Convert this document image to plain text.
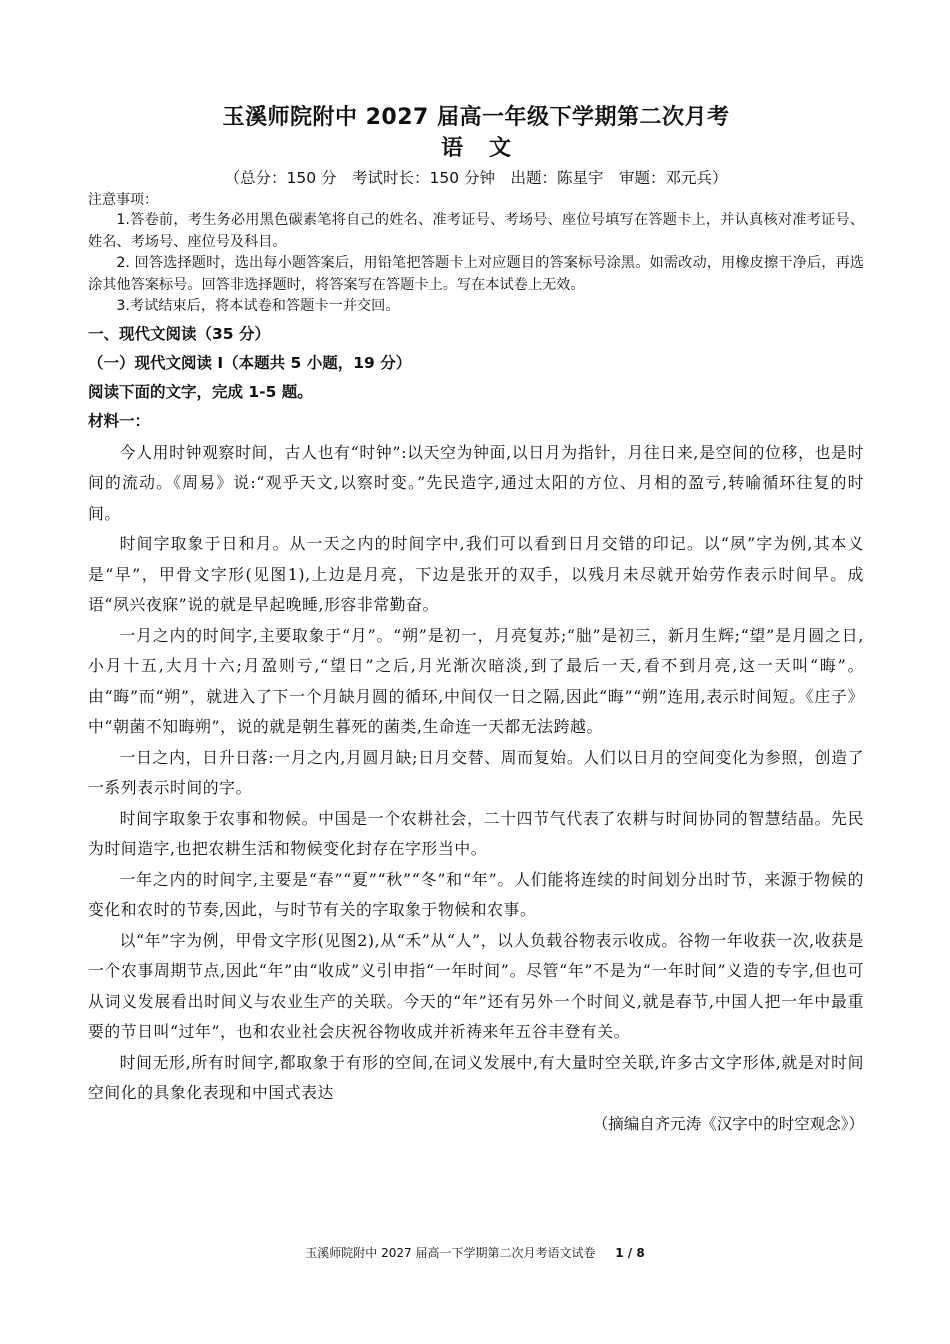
玉溪师院附中 2027 届高一年级下学期第二次月考
语文

（总分：150 分　考试时长：150 分钟　出题：陈星宇　审题：邓元兵）

注意事项：

1.答卷前，考生务必用黑色碳素笔将自己的姓名、准考证号、考场号、座位号填写在答题卡上，并认真核对准考证号、姓名、考场号、座位号及科目。

2. 回答选择题时，选出每小题答案后，用铅笔把答题卡上对应题目的答案标号涂黑。如需改动，用橡皮擦干净后，再选涂其他答案标号。回答非选择题时，将答案写在答题卡上。写在本试卷上无效。

3.考试结束后，将本试卷和答题卡一并交回。

一、现代文阅读（35 分）

（一）现代文阅读 I（本题共 5 小题，19 分）

阅读下面的文字，完成 1-5 题。

材料一：

今人用时钟观察时间，古人也有“时钟”:以天空为钟面,以日月为指针，月往日来,是空间的位移，也是时间的流动。《周易》说:“观乎天文,以察时变。”先民造字,通过太阳的方位、月相的盈亏,转喻循环往复的时间。

时间字取象于日和月。从一天之内的时间字中,我们可以看到日月交错的印记。以“夙”字为例,其本义是“早”，甲骨文字形(见图1),上边是月亮，下边是张开的双手，以残月未尽就开始劳作表示时间早。成语“夙兴夜寐”说的就是早起晚睡,形容非常勤奋。

一月之内的时间字,主要取象于“月”。“朔”是初一，月亮复苏;“朏”是初三，新月生辉;“望”是月圆之日,小月十五,大月十六;月盈则亏,“望日”之后,月光渐次暗淡,到了最后一天,看不到月亮,这一天叫“晦”。由“晦”而“朔”，就进入了下一个月缺月圆的循环,中间仅一日之隔,因此“晦”“朔”连用,表示时间短。《庄子》中“朝菌不知晦朔”，说的就是朝生暮死的菌类,生命连一天都无法跨越。

一日之内，日升日落:一月之内,月圆月缺;日月交替、周而复始。人们以日月的空间变化为参照，创造了一系列表示时间的字。

时间字取象于农事和物候。中国是一个农耕社会，二十四节气代表了农耕与时间协同的智慧结晶。先民为时间造字,也把农耕生活和物候变化封存在字形当中。

一年之内的时间字,主要是“春”“夏”“秋”“冬”和“年”。人们能将连续的时间划分出时节，来源于物候的变化和农时的节奏,因此，与时节有关的字取象于物候和农事。

以“年”字为例，甲骨文字形(见图2),从“禾”从“人”，以人负载谷物表示收成。谷物一年收获一次,收获是一个农事周期节点,因此“年”由“收成”义引申指“一年时间”。尽管“年”不是为“一年时间”义造的专字,但也可从词义发展看出时间义与农业生产的关联。今天的“年”还有另外一个时间义,就是春节,中国人把一年中最重要的节日叫“过年”，也和农业社会庆祝谷物收成并祈祷来年五谷丰登有关。

时间无形,所有时间字,都取象于有形的空间,在词义发展中,有大量时空关联,许多古文字形体,就是对时间空间化的具象化表现和中国式表达

（摘编自齐元涛《汉字中的时空观念》）

玉溪师院附中 2027 届高一下学期第二次月考语文试卷 1 / 8
